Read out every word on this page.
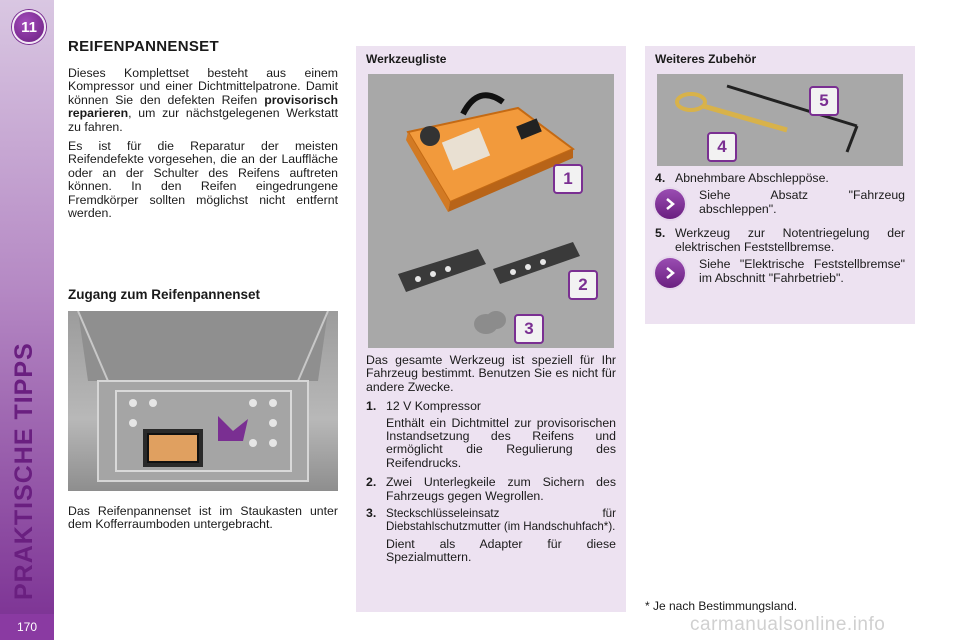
11
PRAKTISCHE TIPPS
170
REIFENPANNENSET

Dieses Komplettset besteht aus einem Kompressor und einer Dichtmittelpatrone. Damit können Sie den defekten Reifen provisorisch reparieren, um zur nächstgelegenen Werkstatt zu fahren.

Es ist für die Reparatur der meisten Reifendefekte vorgesehen, die an der Lauffläche oder an der Schulter des Reifens auftreten können. In den Reifen eingedrungene Fremdkörper sollten möglichst nicht entfernt werden.

Zugang zum Reifenpannenset

Das Reifenpannenset ist im Staukasten unter dem Kofferraumboden untergebracht.

Werkzeugliste
1
2
3

Das gesamte Werkzeug ist speziell für Ihr Fahrzeug bestimmt. Benutzen Sie es nicht für andere Zwecke.

1. 12 V Kompressor

Enthält ein Dichtmittel zur provisorischen Instandsetzung des Reifens und ermöglicht die Regulierung des Reifendrucks.

2. Zwei Unterlegkeile zum Sichern des Fahrzeugs gegen Wegrollen.
3. Steckschlüsseleinsatz für Diebstahlschutzmutter (im Handschuhfach*).

Dient als Adapter für diese Spezialmuttern.

Weiteres Zubehör
5
4
4. Abnehmbare Abschleppöse.
Siehe Absatz "Fahrzeug abschleppen".
5. Werkzeug zur Notentriegelung der elektrischen Feststellbremse.
Siehe "Elektrische Feststellbremse" im Abschnitt "Fahrbetrieb".
* Je nach Bestimmungsland.
carmanualsonline.info
